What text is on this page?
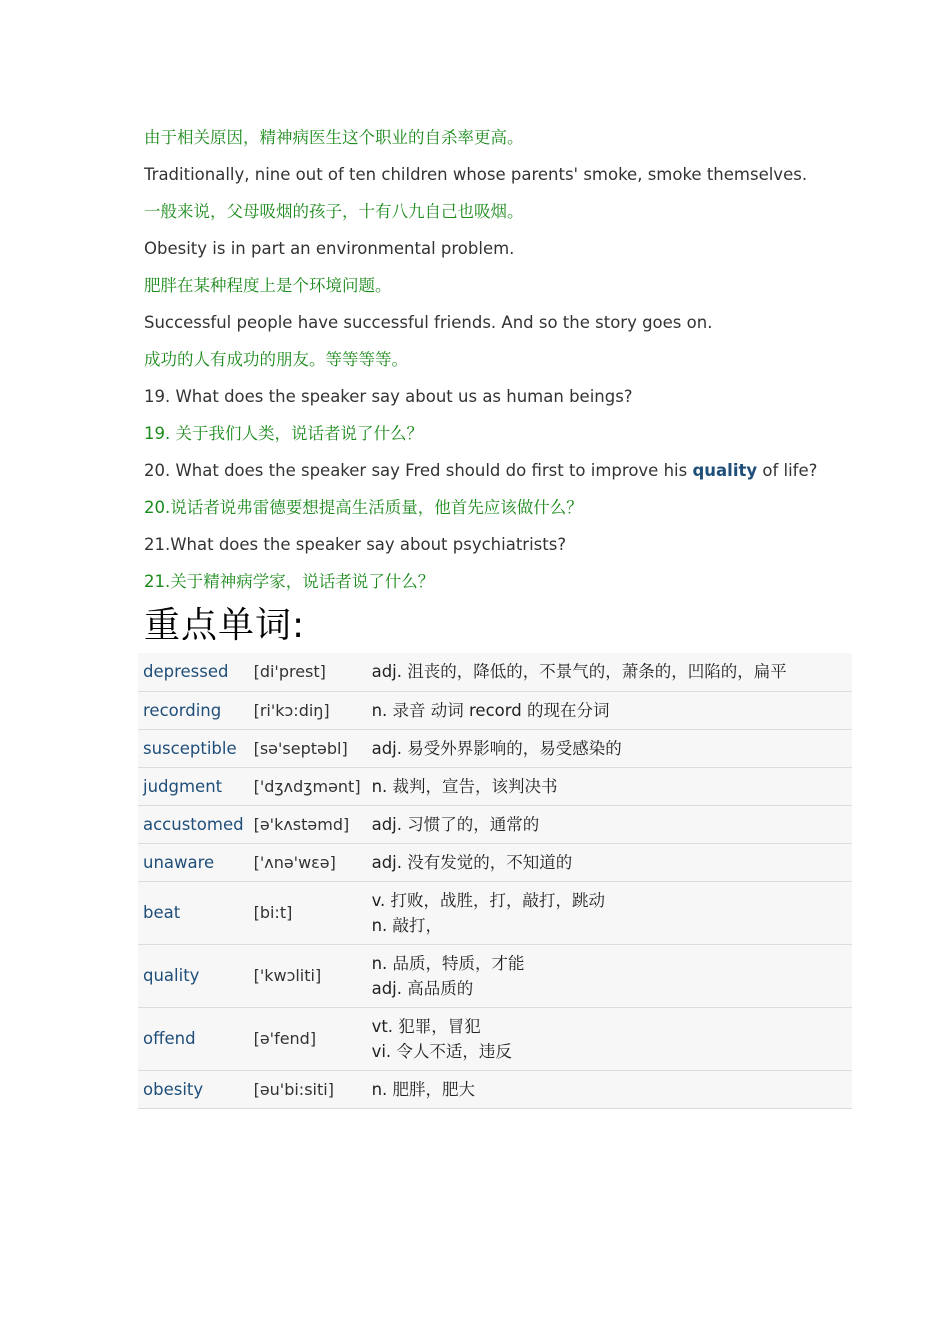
由于相关原因，精神病医生这个职业的自杀率更高。
Traditionally, nine out of ten children whose parents' smoke, smoke themselves.
一般来说，父母吸烟的孩子，十有八九自己也吸烟。
Obesity is in part an environmental problem.
肥胖在某种程度上是个环境问题。
Successful people have successful friends. And so the story goes on.
成功的人有成功的朋友。等等等等。
19. What does the speaker say about us as human beings?
19. 关于我们人类，说话者说了什么？
20. What does the speaker say Fred should do first to improve his quality of life?
20.说话者说弗雷德要想提高生活质量，他首先应该做什么？
21.What does the speaker say about psychiatrists?
21.关于精神病学家，说话者说了什么？
重点单词:
depressed	[di'prest]	adj. 沮丧的，降低的，不景气的，萧条的，凹陷的，扁平

recording	[ri'kɔ:diŋ]	n. 录音 动词 record 的现在分词

susceptible	[sə'septəbl]	adj. 易受外界影响的，易受感染的

judgment	['dʒʌdʒmənt]	n. 裁判，宣告，该判决书

accustomed	[ə'kʌstəmd]	adj. 习惯了的，通常的

unaware	['ʌnə'wεə]	adj. 没有发觉的，不知道的

beat	[bi:t]	v. 打败，战胜，打，敲打，跳动
n. 敲打，

quality	['kwɔliti]	n. 品质，特质，才能
adj. 高品质的

offend	[ə'fend]	vt. 犯罪，冒犯
vi. 令人不适，违反

obesity	[əu'bi:siti]	n. 肥胖，肥大
